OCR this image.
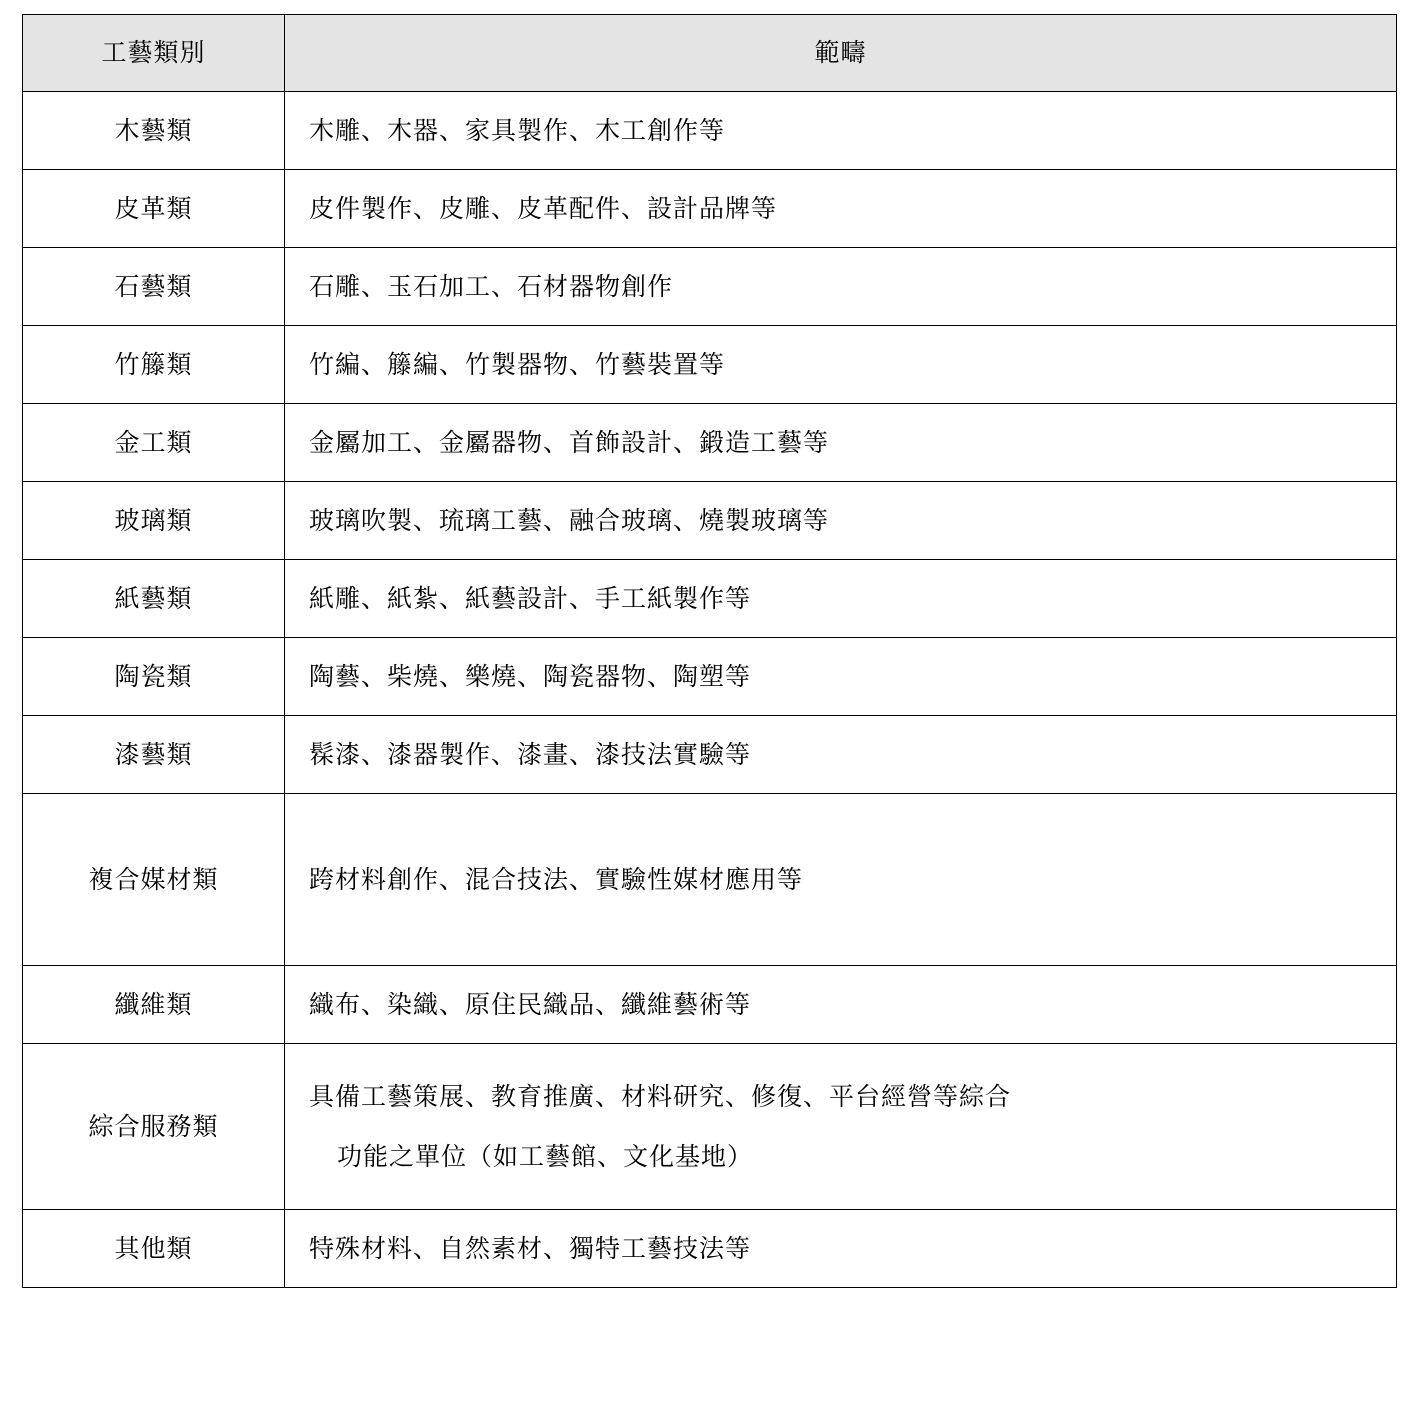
工藝類別	範疇
木藝類	木雕、木器、家具製作、木工創作等
皮革類	皮件製作、皮雕、皮革配件、設計品牌等
石藝類	石雕、玉石加工、石材器物創作
竹籐類	竹編、籐編、竹製器物、竹藝裝置等
金工類	金屬加工、金屬器物、首飾設計、鍛造工藝等
玻璃類	玻璃吹製、琉璃工藝、融合玻璃、燒製玻璃等
紙藝類	紙雕、紙紮、紙藝設計、手工紙製作等
陶瓷類	陶藝、柴燒、樂燒、陶瓷器物、陶塑等
漆藝類	髹漆、漆器製作、漆畫、漆技法實驗等
複合媒材類	跨材料創作、混合技法、實驗性媒材應用等
纖維類	織布、染織、原住民織品、纖維藝術等
綜合服務類	具備工藝策展、教育推廣、材料研究、修復、平台經營等綜合
功能之單位（如工藝館、文化基地）

其他類	特殊材料、自然素材、獨特工藝技法等
